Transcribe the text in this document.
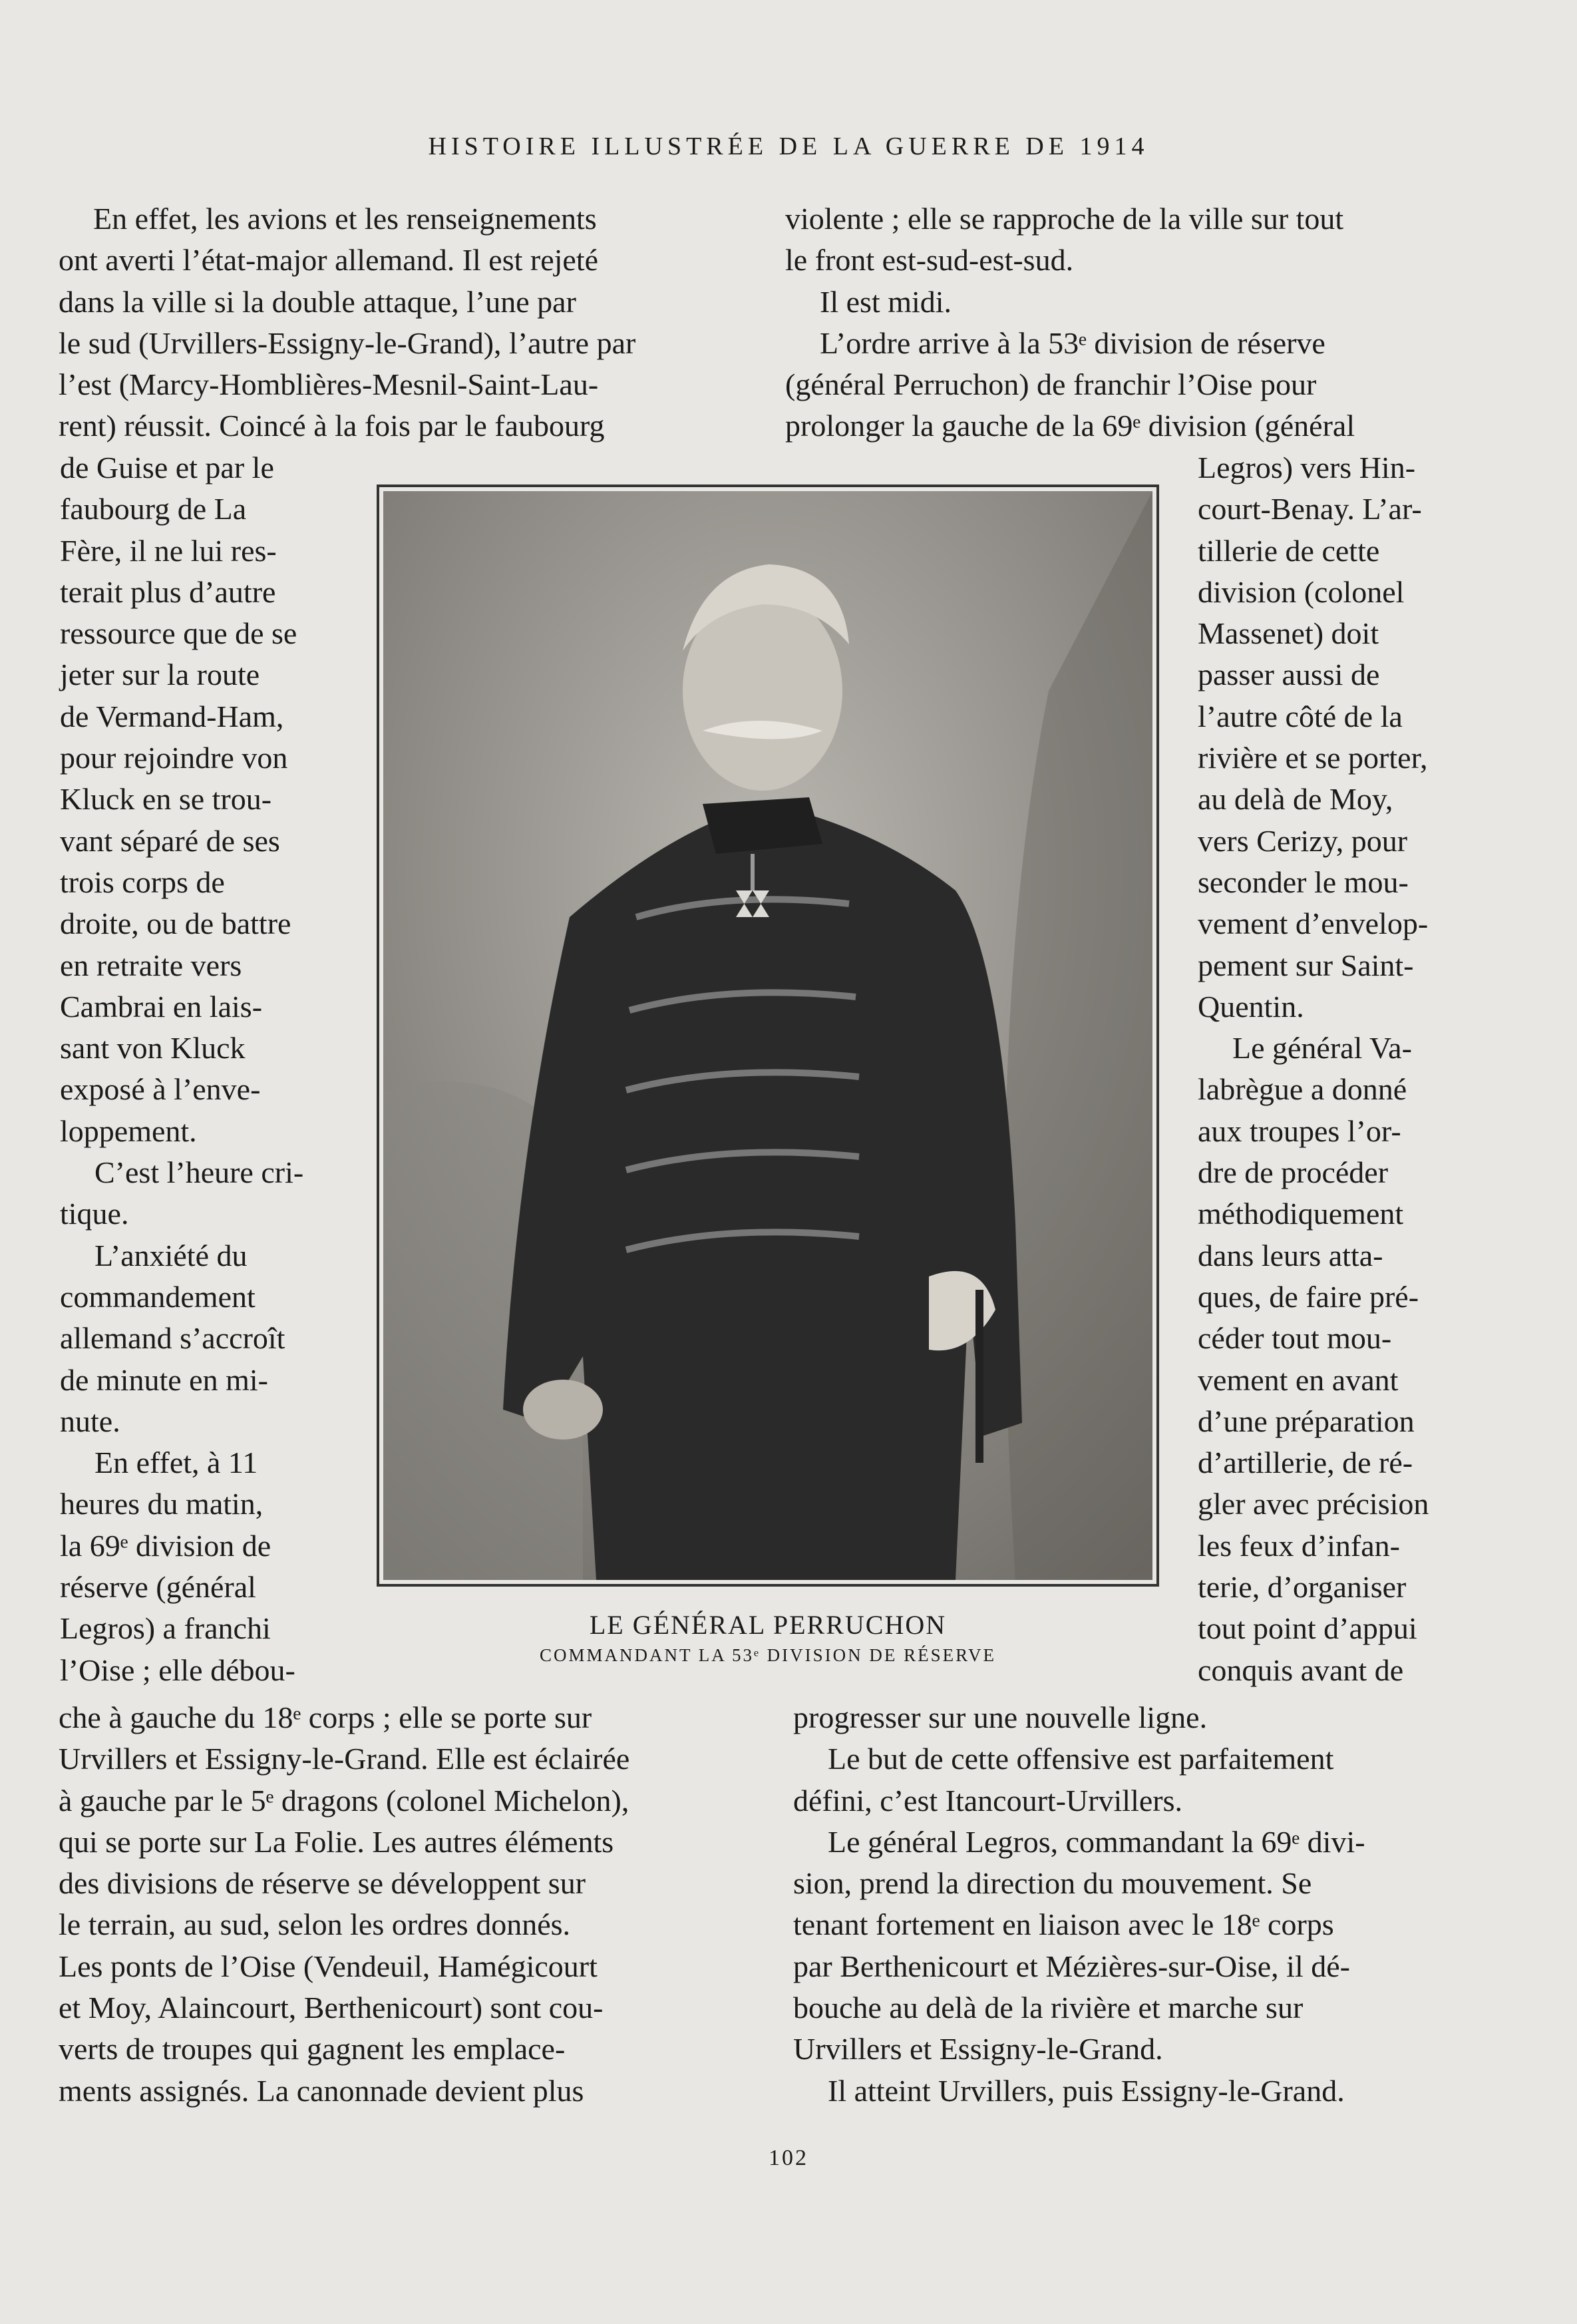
HISTOIRE ILLUSTRÉE DE LA GUERRE DE 1914
En effet, les avions et les renseignements
ont averti l’état-major allemand. Il est rejeté
dans la ville si la double attaque, l’une par
le sud (Urvillers-Essigny-le-Grand), l’autre par
l’est (Marcy-Homblières-Mesnil-Saint-Lau-
rent) réussit. Coincé à la fois par le faubourg
violente ; elle se rapproche de la ville sur tout
le front est-sud-est-sud.
Il est midi.
L’ordre arrive à la 53ᵉ division de réserve
(général Perruchon) de franchir l’Oise pour
prolonger la gauche de la 69ᵉ division (général
de Guise et par le
faubourg de La
Fère, il ne lui res-
terait plus d’autre
ressource que de se
jeter sur la route
de Vermand-Ham,
pour rejoindre von
Kluck en se trou-
vant séparé de ses
trois corps de
droite, ou de battre
en retraite vers
Cambrai en lais-
sant von Kluck
exposé à l’enve-
loppement.
C’est l’heure cri-
tique.
L’anxiété du
commandement
allemand s’accroît
de minute en mi-
nute.
En effet, à 11
heures du matin,
la 69ᵉ division de
réserve (général
Legros) a franchi
l’Oise ; elle débou-
Legros) vers Hin-
court-Benay. L’ar-
tillerie de cette
division (colonel
Massenet) doit
passer aussi de
l’autre côté de la
rivière et se porter,
au delà de Moy,
vers Cerizy, pour
seconder le mou-
vement d’envelop-
pement sur Saint-
Quentin.
Le général Va-
labrègue a donné
aux troupes l’or-
dre de procéder
méthodiquement
dans leurs atta-
ques, de faire pré-
céder tout mou-
vement en avant
d’une préparation
d’artillerie, de ré-
gler avec précision
les feux d’infan-
terie, d’organiser
tout point d’appui
conquis avant de
LE GÉNÉRAL PERRUCHON
COMMANDANT LA 53ᵉ DIVISION DE RÉSERVE
che à gauche du 18ᵉ corps ; elle se porte sur
Urvillers et Essigny-le-Grand. Elle est éclairée
à gauche par le 5ᵉ dragons (colonel Michelon),
qui se porte sur La Folie. Les autres éléments
des divisions de réserve se développent sur
le terrain, au sud, selon les ordres donnés.
Les ponts de l’Oise (Vendeuil, Hamégicourt
et Moy, Alaincourt, Berthenicourt) sont cou-
verts de troupes qui gagnent les emplace-
ments assignés. La canonnade devient plus
progresser sur une nouvelle ligne.
Le but de cette offensive est parfaitement
défini, c’est Itancourt-Urvillers.
Le général Legros, commandant la 69ᵉ divi-
sion, prend la direction du mouvement. Se
tenant fortement en liaison avec le 18ᵉ corps
par Berthenicourt et Mézières-sur-Oise, il dé-
bouche au delà de la rivière et marche sur
Urvillers et Essigny-le-Grand.
Il atteint Urvillers, puis Essigny-le-Grand.
102
